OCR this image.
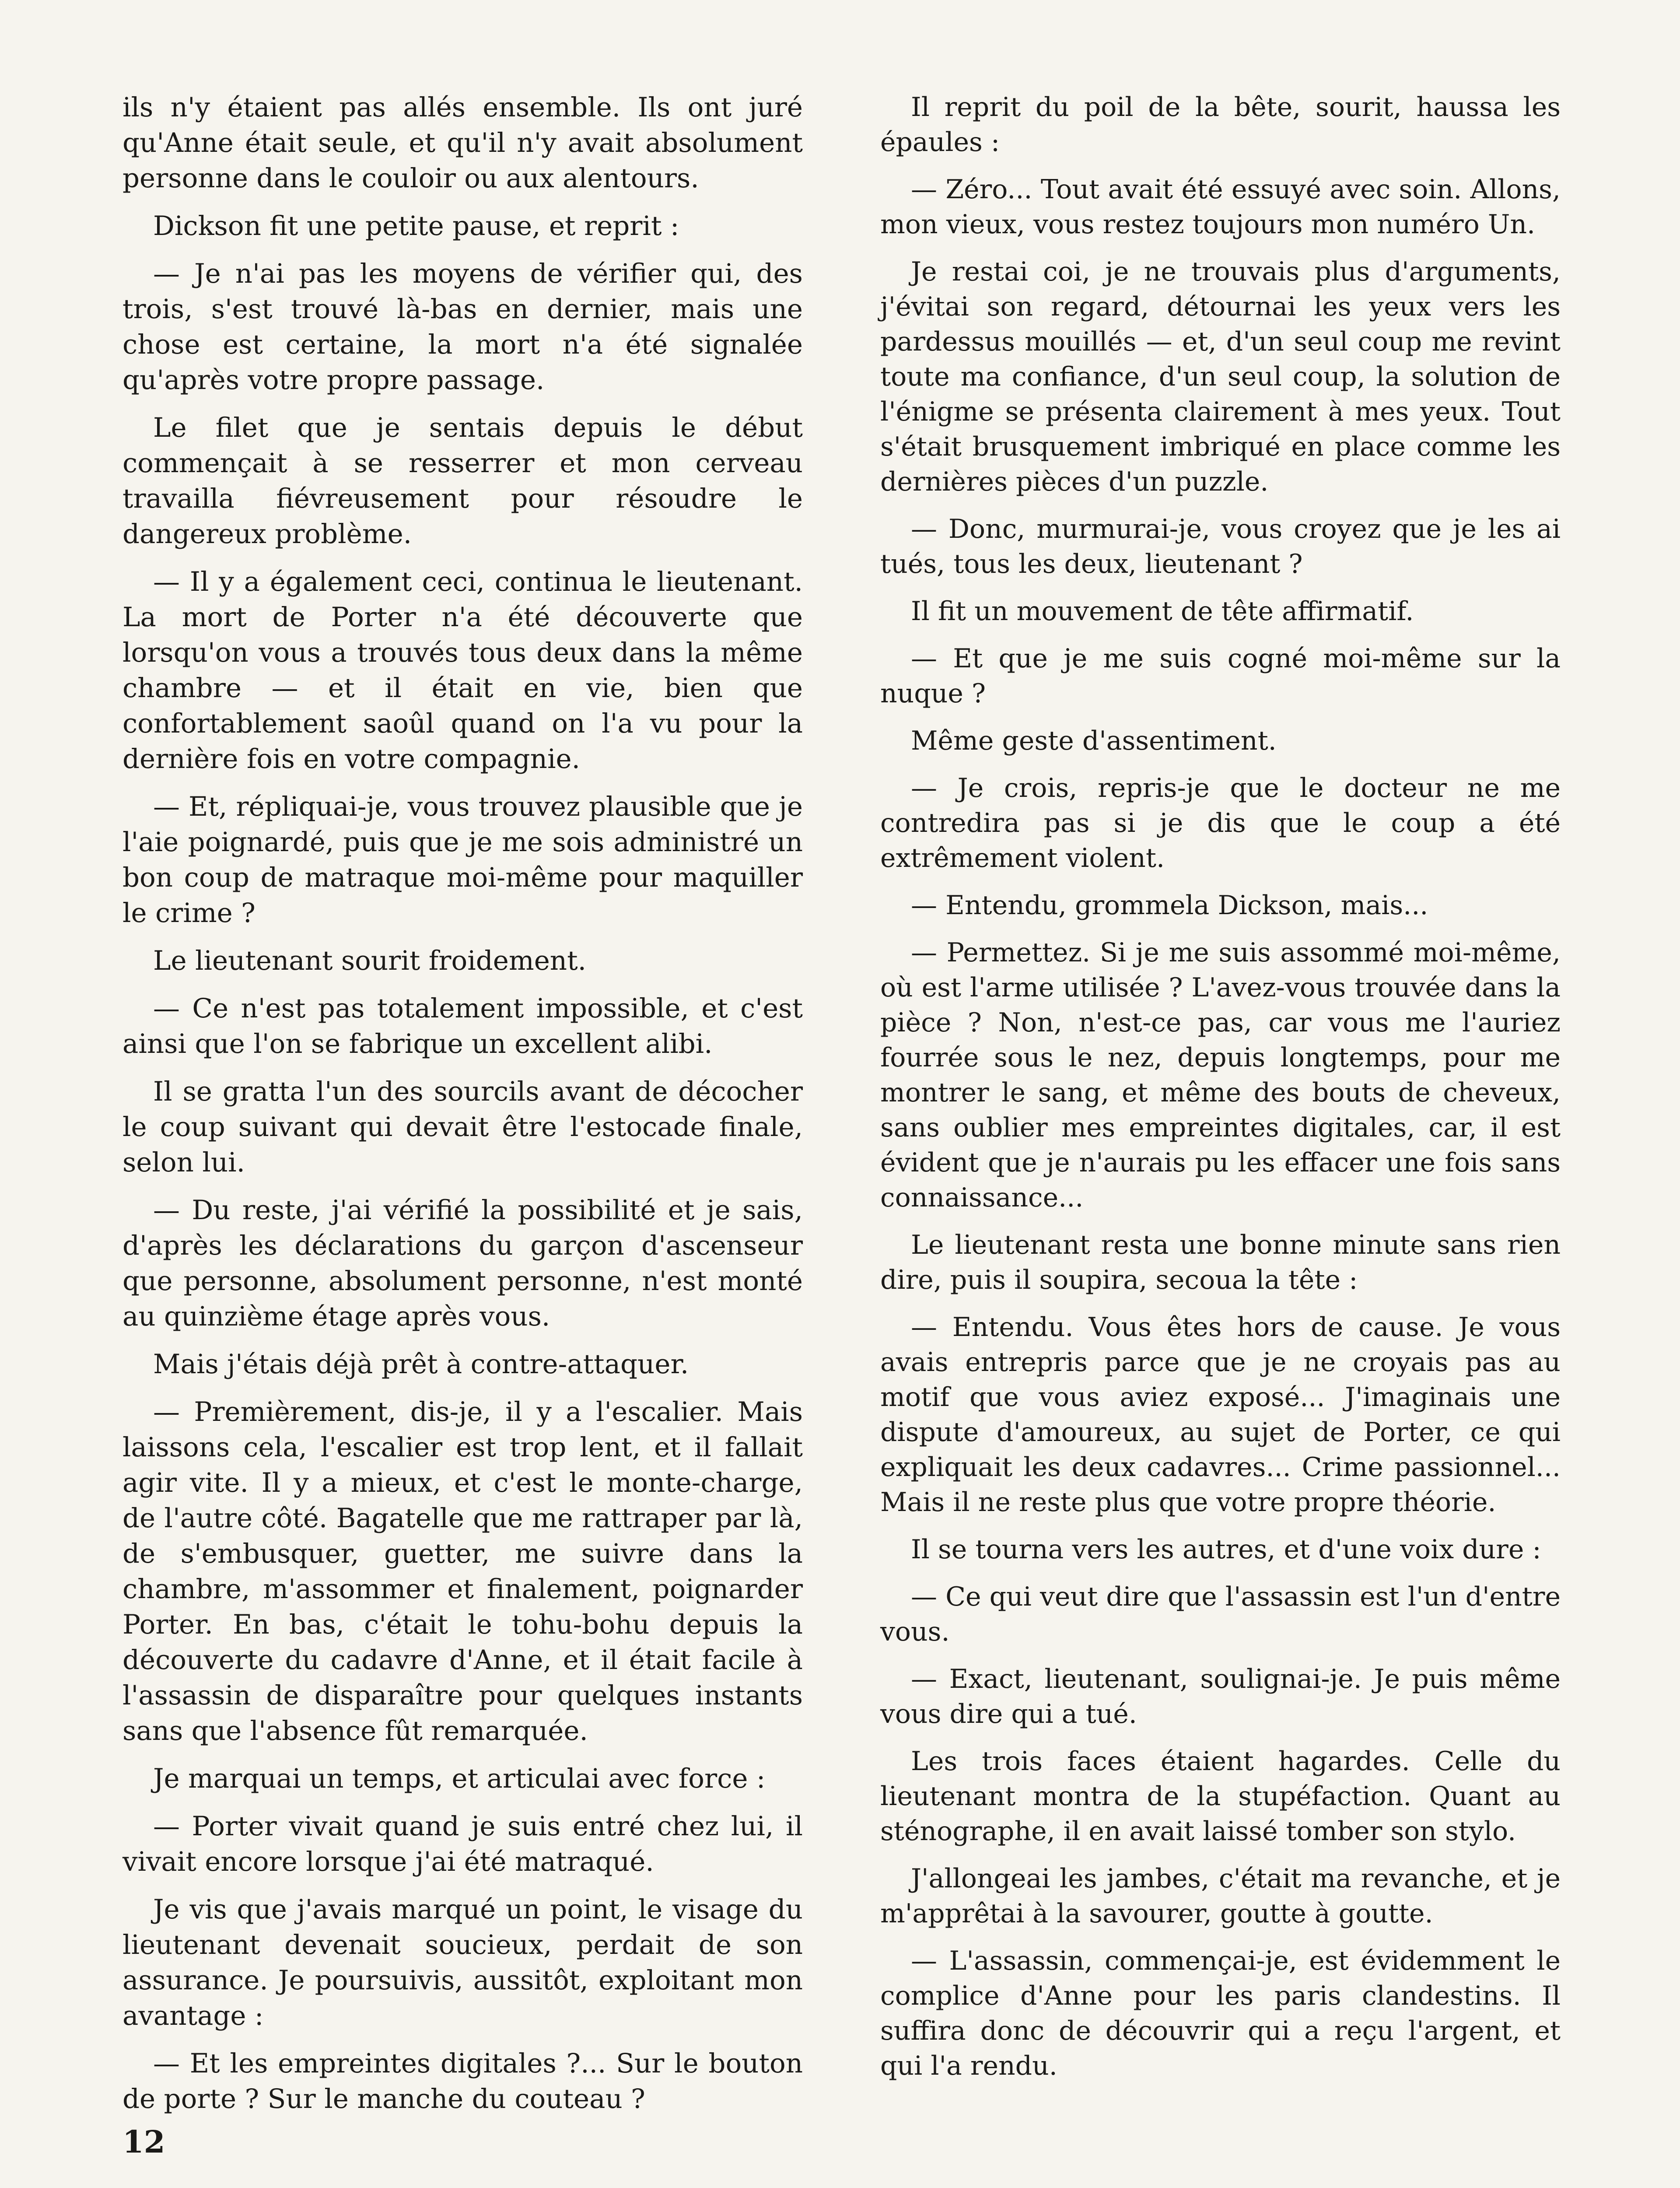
ils n'y étaient pas allés ensemble. Ils ont juré qu'Anne était seule, et qu'il n'y avait absolument personne dans le couloir ou aux alentours.

Dickson fit une petite pause, et reprit :

— Je n'ai pas les moyens de vérifier qui, des trois, s'est trouvé là-bas en dernier, mais une chose est certaine, la mort n'a été signalée qu'après votre propre passage.

Le filet que je sentais depuis le début commençait à se resserrer et mon cerveau travailla fiévreusement pour résoudre le dangereux problème.

— Il y a également ceci, continua le lieutenant. La mort de Porter n'a été découverte que lorsqu'on vous a trouvés tous deux dans la même chambre — et il était en vie, bien que confortablement saoûl quand on l'a vu pour la dernière fois en votre compagnie.

— Et, répliquai-je, vous trouvez plausible que je l'aie poignardé, puis que je me sois administré un bon coup de matraque moi-même pour maquiller le crime ?

Le lieutenant sourit froidement.

— Ce n'est pas totalement impossible, et c'est ainsi que l'on se fabrique un excellent alibi.

Il se gratta l'un des sourcils avant de décocher le coup suivant qui devait être l'estocade finale, selon lui.

— Du reste, j'ai vérifié la possibilité et je sais, d'après les déclarations du garçon d'ascenseur que personne, absolument personne, n'est monté au quinzième étage après vous.

Mais j'étais déjà prêt à contre-attaquer.

— Premièrement, dis-je, il y a l'escalier. Mais laissons cela, l'escalier est trop lent, et il fallait agir vite. Il y a mieux, et c'est le monte-charge, de l'autre côté. Bagatelle que me rattraper par là, de s'embusquer, guetter, me suivre dans la chambre, m'assommer et finalement, poignarder Porter. En bas, c'était le tohu-bohu depuis la découverte du cadavre d'Anne, et il était facile à l'assassin de disparaître pour quelques instants sans que l'absence fût remarquée.

Je marquai un temps, et articulai avec force :

— Porter vivait quand je suis entré chez lui, il vivait encore lorsque j'ai été matraqué.

Je vis que j'avais marqué un point, le visage du lieutenant devenait soucieux, perdait de son assurance. Je poursuivis, aussitôt, exploitant mon avantage :

— Et les empreintes digitales ?... Sur le bouton de porte ? Sur le manche du couteau ?

Il reprit du poil de la bête, sourit, haussa les épaules :

— Zéro... Tout avait été essuyé avec soin. Allons, mon vieux, vous restez toujours mon numéro Un.

Je restai coi, je ne trouvais plus d'arguments, j'évitai son regard, détournai les yeux vers les pardessus mouillés — et, d'un seul coup me revint toute ma confiance, d'un seul coup, la solution de l'énigme se présenta clairement à mes yeux. Tout s'était brusquement imbriqué en place comme les dernières pièces d'un puzzle.

— Donc, murmurai-je, vous croyez que je les ai tués, tous les deux, lieutenant ?

Il fit un mouvement de tête affirmatif.

— Et que je me suis cogné moi-même sur la nuque ?

Même geste d'assentiment.

— Je crois, repris-je que le docteur ne me contredira pas si je dis que le coup a été extrêmement violent.

— Entendu, grommela Dickson, mais...

— Permettez. Si je me suis assommé moi-même, où est l'arme utilisée ? L'avez-vous trouvée dans la pièce ? Non, n'est-ce pas, car vous me l'auriez fourrée sous le nez, depuis longtemps, pour me montrer le sang, et même des bouts de cheveux, sans oublier mes empreintes digitales, car, il est évident que je n'aurais pu les effacer une fois sans connaissance...

Le lieutenant resta une bonne minute sans rien dire, puis il soupira, secoua la tête :

— Entendu. Vous êtes hors de cause. Je vous avais entrepris parce que je ne croyais pas au motif que vous aviez exposé... J'imaginais une dispute d'amoureux, au sujet de Porter, ce qui expliquait les deux cadavres... Crime passionnel... Mais il ne reste plus que votre propre théorie.

Il se tourna vers les autres, et d'une voix dure :

— Ce qui veut dire que l'assassin est l'un d'entre vous.

— Exact, lieutenant, soulignai-je. Je puis même vous dire qui a tué.

Les trois faces étaient hagardes. Celle du lieutenant montra de la stupéfaction. Quant au sténographe, il en avait laissé tomber son stylo.

J'allongeai les jambes, c'était ma revanche, et je m'apprêtai à la savourer, goutte à goutte.

— L'assassin, commençai-je, est évidemment le complice d'Anne pour les paris clandestins. Il suffira donc de découvrir qui a reçu l'argent, et qui l'a rendu.

12
